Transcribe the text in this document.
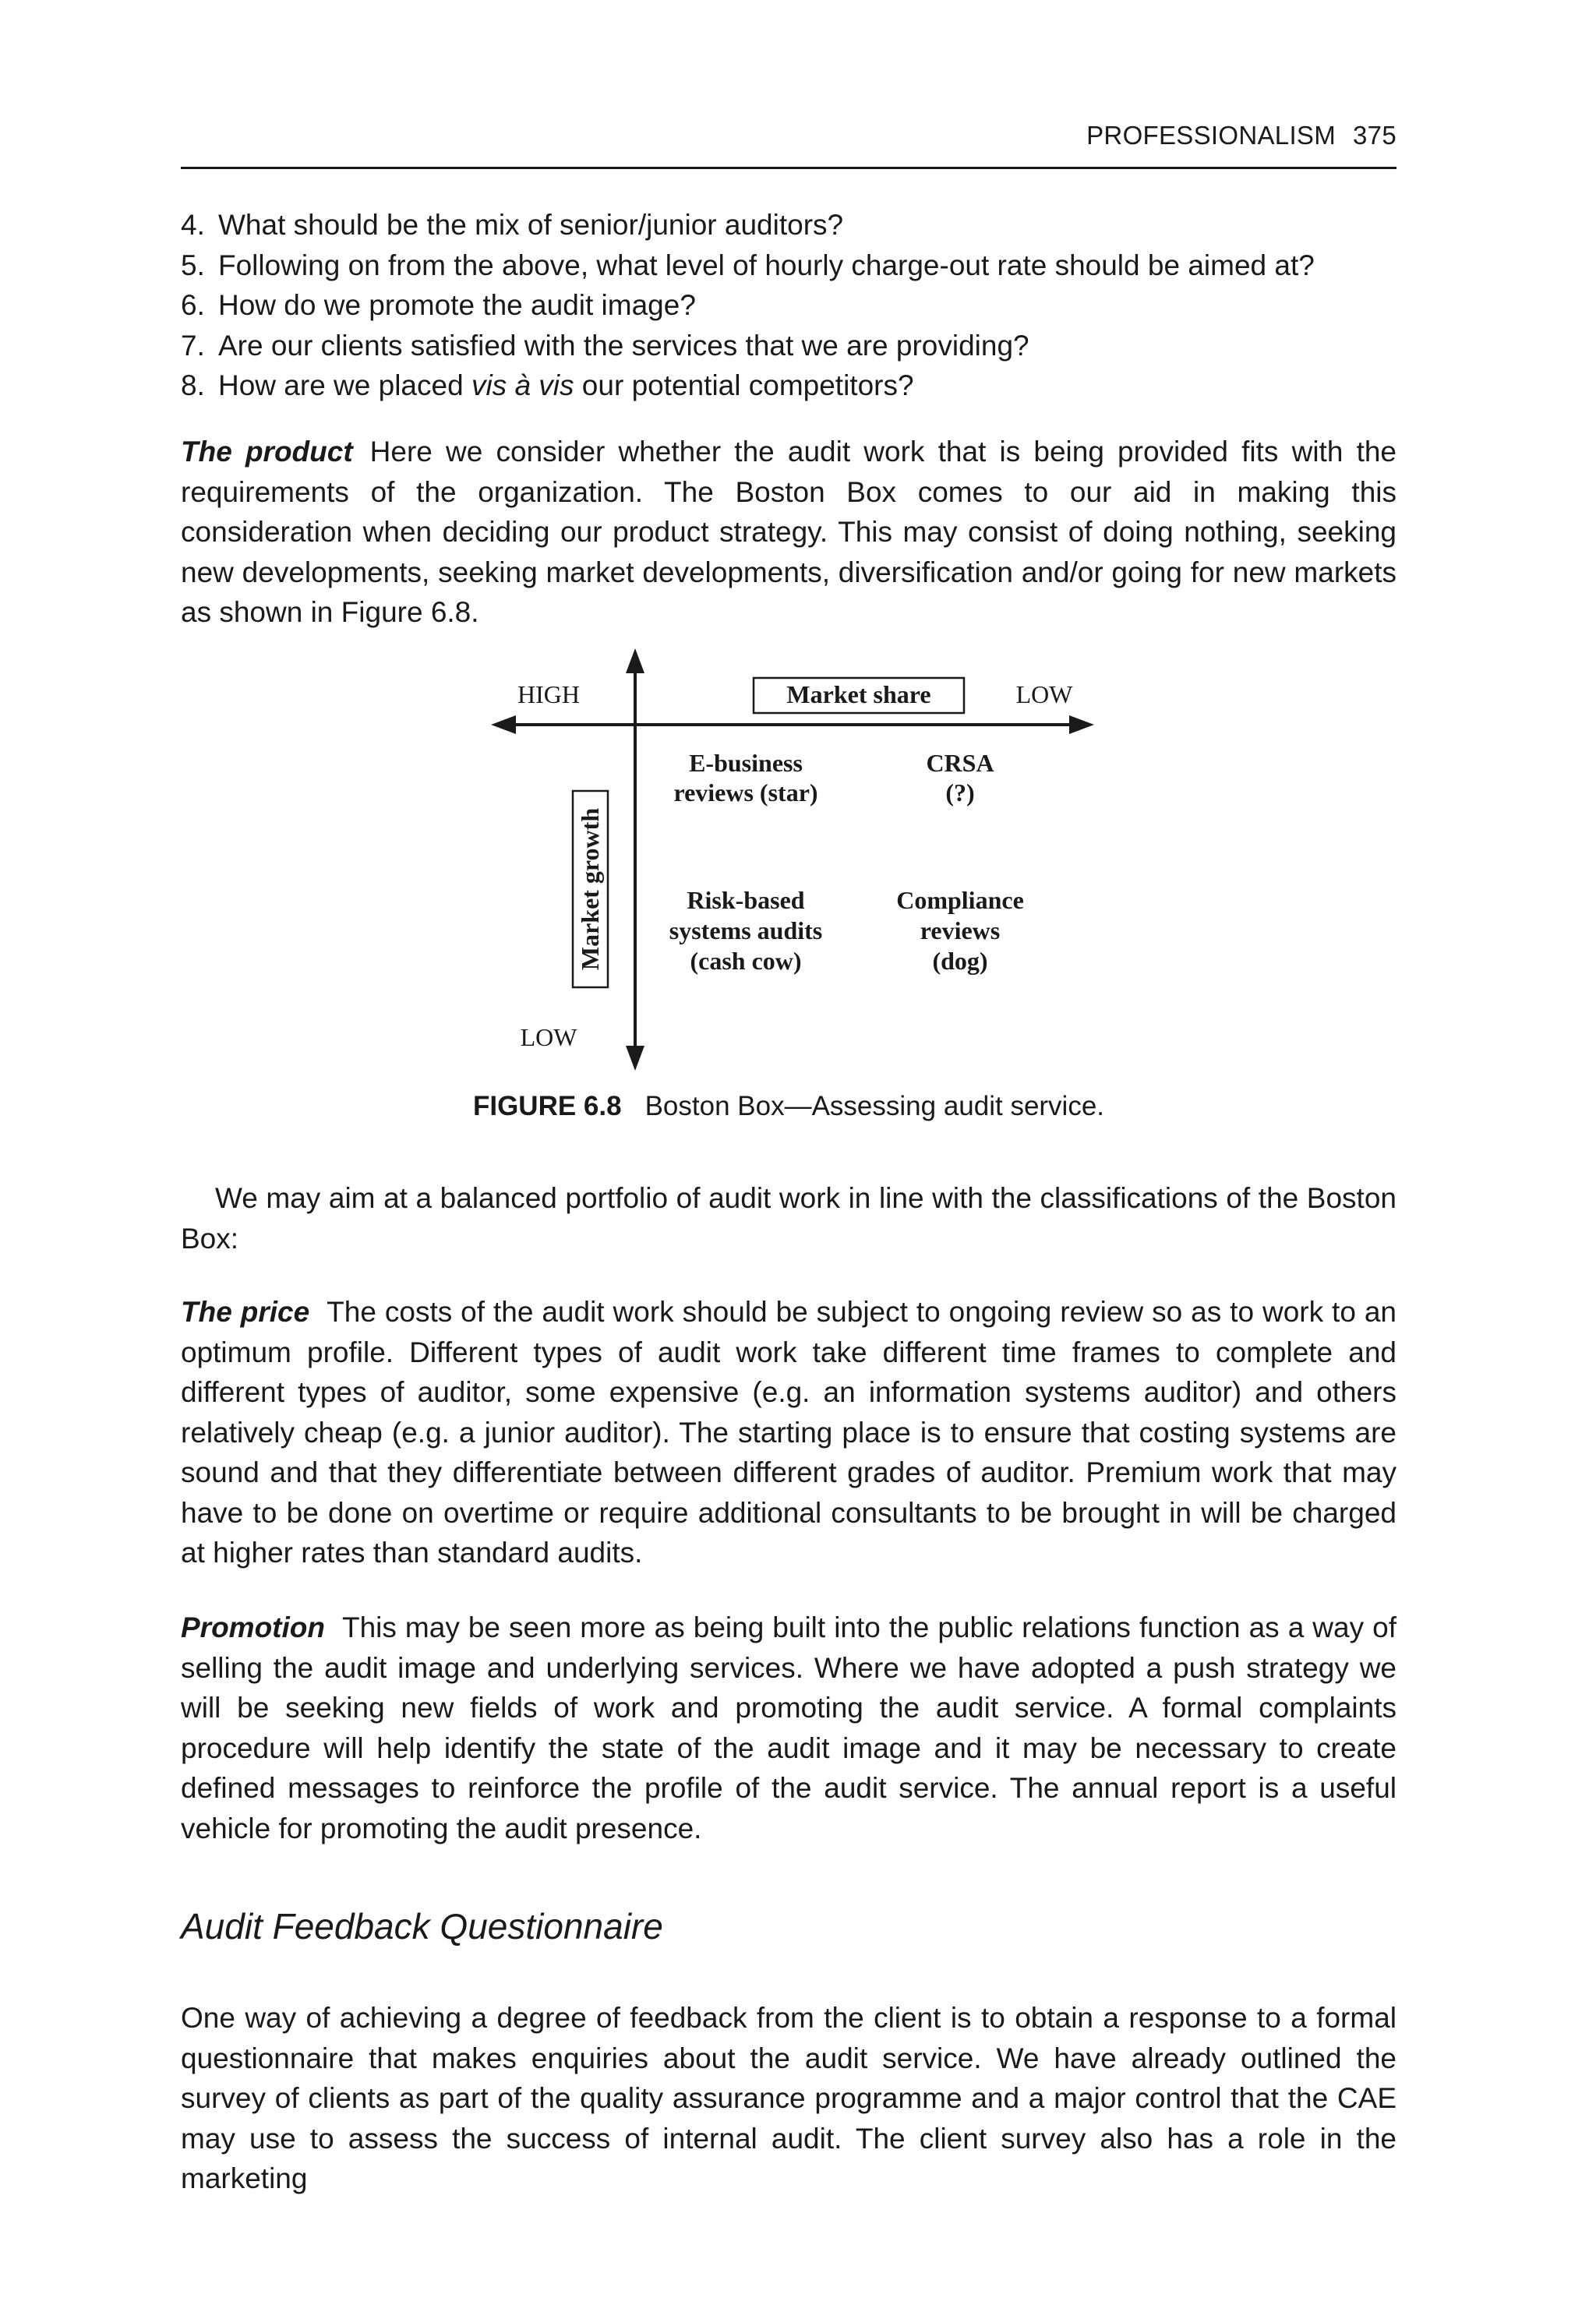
PROFESSIONALISM 375
4. What should be the mix of senior/junior auditors?
5. Following on from the above, what level of hourly charge-out rate should be aimed at?
6. How do we promote the audit image?
7. Are our clients satisfied with the services that we are providing?
8. How are we placed vis à vis our potential competitors?

The product Here we consider whether the audit work that is being provided fits with the requirements of the organization. The Boston Box comes to our aid in making this consideration when deciding our product strategy. This may consist of doing nothing, seeking new developments, seeking market developments, diversification and/or going for new markets as shown in Figure 6.8.

HIGH	Market share	LOW
Market growth
LOW
E-business
reviews (star)
CRSA
(?)
Risk-based
systems audits
(cash cow)
Compliance
reviews
(dog)
FIGURE 6.8 Boston Box—Assessing audit service.

We may aim at a balanced portfolio of audit work in line with the classifications of the Boston Box:

The price The costs of the audit work should be subject to ongoing review so as to work to an optimum profile. Different types of audit work take different time frames to complete and different types of auditor, some expensive (e.g. an information systems auditor) and others relatively cheap (e.g. a junior auditor). The starting place is to ensure that costing systems are sound and that they differentiate between different grades of auditor. Premium work that may have to be done on overtime or require additional consultants to be brought in will be charged at higher rates than standard audits.

Promotion This may be seen more as being built into the public relations function as a way of selling the audit image and underlying services. Where we have adopted a push strategy we will be seeking new fields of work and promoting the audit service. A formal complaints procedure will help identify the state of the audit image and it may be necessary to create defined messages to reinforce the profile of the audit service. The annual report is a useful vehicle for promoting the audit presence.

Audit Feedback Questionnaire

One way of achieving a degree of feedback from the client is to obtain a response to a formal questionnaire that makes enquiries about the audit service. We have already outlined the survey of clients as part of the quality assurance programme and a major control that the CAE may use to assess the success of internal audit. The client survey also has a role in the marketing
